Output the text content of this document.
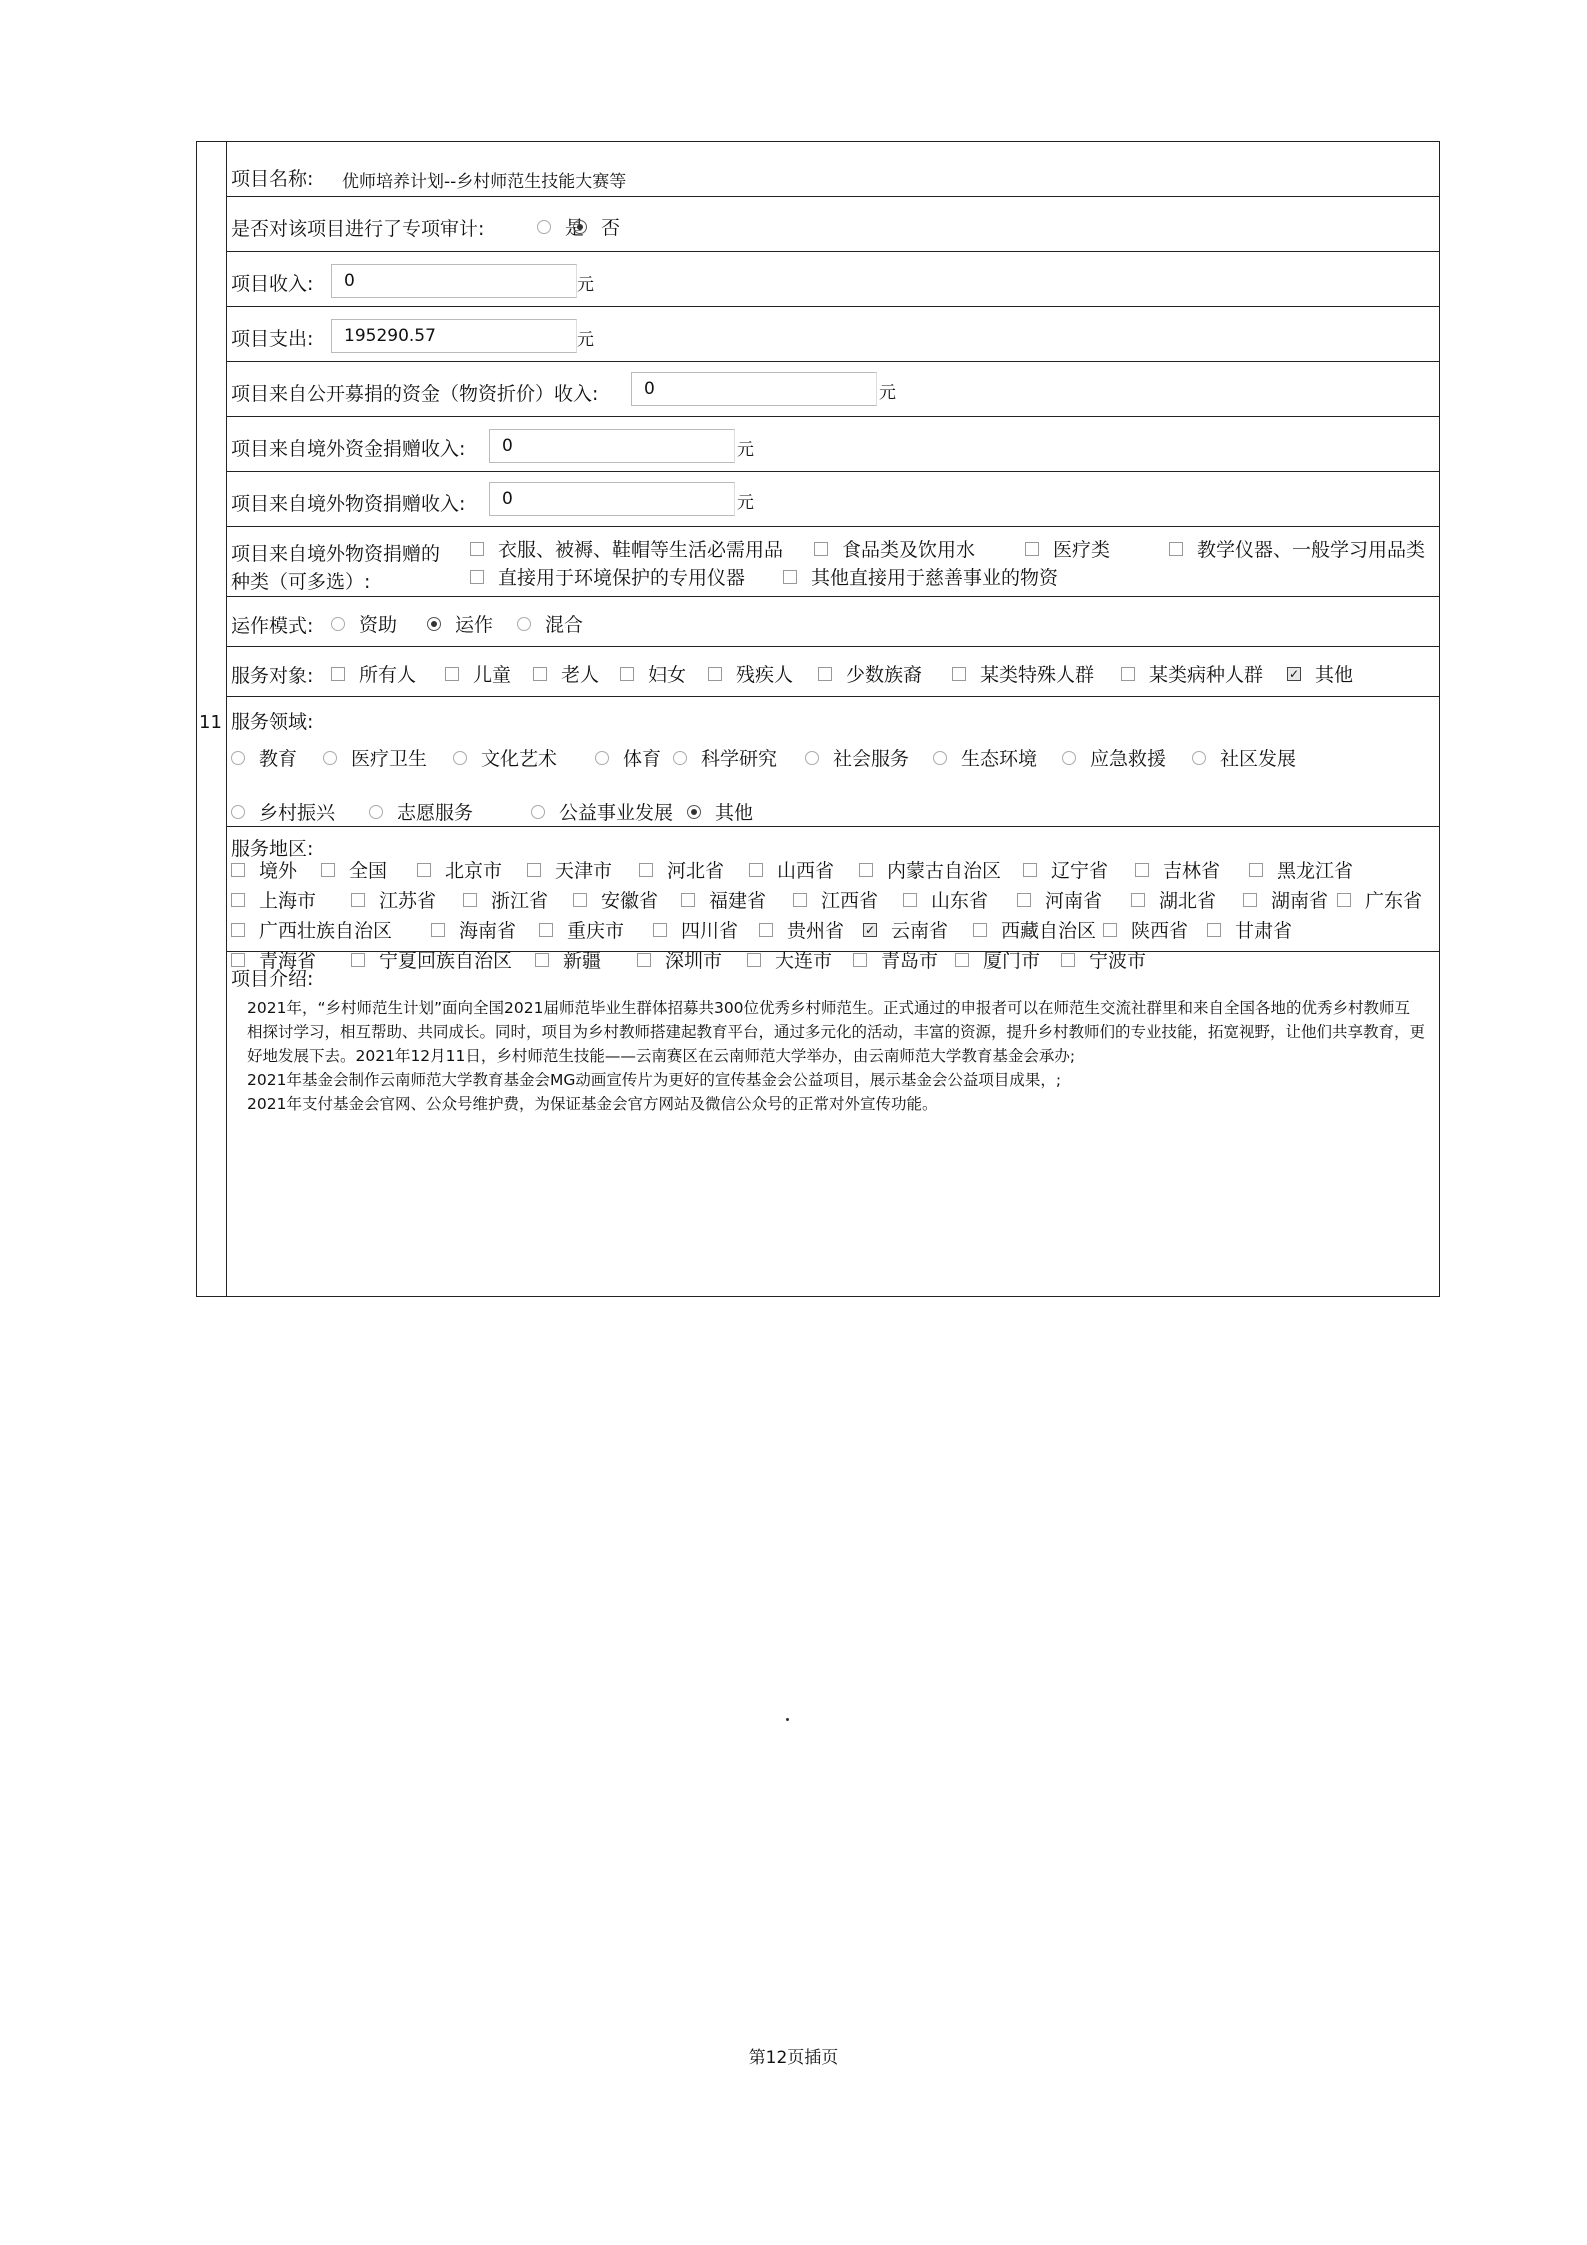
11
项目名称: 优师培养计划--乡村师范生技能大赛等
是否对该项目进行了专项审计:	是 否
项目收入:	0	元
项目支出:	195290.57	元
项目来自公开募捐的资金（物资折价）收入:	0	元
项目来自境外资金捐赠收入:	0	元
项目来自境外物资捐赠收入:	0	元
项目来自境外物资捐赠的
种类（可多选）:
衣服、被褥、鞋帽等生活必需用品	食品类及饮用水	医疗类	教学仪器、一般学习用品类
直接用于环境保护的专用仪器	其他直接用于慈善事业的物资
运作模式: 资助	运作	混合
服务对象: 所有人	儿童	老人	妇女	残疾人	少数族裔	某类特殊人群	某类病种人群 ✓ 其他
服务领域:
教育	医疗卫生	文化艺术	体育 科学研究	社会服务	生态环境	应急救援	社区发展
乡村振兴	志愿服务	公益事业发展 其他
服务地区:
境外	全国	北京市	天津市	河北省	山西省	内蒙古自治区	辽宁省	吉林省	黑龙江省
上海市	江苏省	浙江省	安徽省	福建省	江西省	山东省	河南省	湖北省	湖南省 广东省
广西壮族自治区	海南省	重庆市	四川省	贵州省 ✓ 云南省	西藏自治区 陕西省 甘肃省
青海省	宁夏回族自治区	新疆	深圳市	大连市	青岛市 厦门市	宁波市
项目介绍:

2021年，“乡村师范生计划”面向全国2021届师范毕业生群体招募共300位优秀乡村师范生。正式通过的申报者可以在师范生交流社群里和来自全国各地的优秀乡村教师互相探讨学习，相互帮助、共同成长。同时，项目为乡村教师搭建起教育平台，通过多元化的活动，丰富的资源，提升乡村教师们的专业技能，拓宽视野，让他们共享教育，更好地发展下去。2021年12月11日，乡村师范生技能——云南赛区在云南师范大学举办，由云南师范大学教育基金会承办;

2021年基金会制作云南师范大学教育基金会MG动画宣传片为更好的宣传基金会公益项目，展示基金会公益项目成果，;

2021年支付基金会官网、公众号维护费，为保证基金会官方网站及微信公众号的正常对外宣传功能。

第12页插页
